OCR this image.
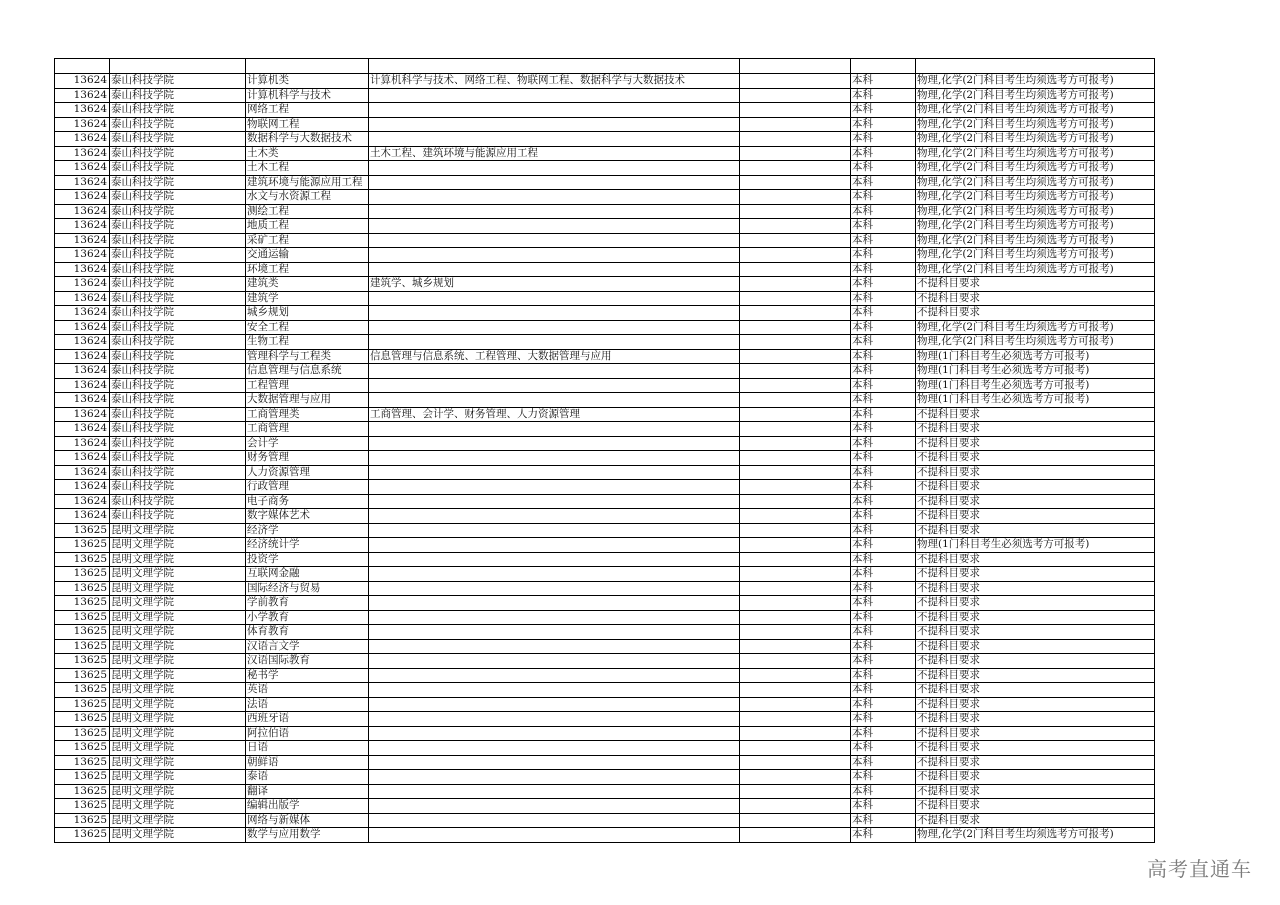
13624	泰山科技学院	计算机类	计算机科学与技术、网络工程、物联网工程、数据科学与大数据技术		本科	物理,化学(2门科目考生均须选考方可报考)
13624	泰山科技学院	计算机科学与技术			本科	物理,化学(2门科目考生均须选考方可报考)
13624	泰山科技学院	网络工程			本科	物理,化学(2门科目考生均须选考方可报考)
13624	泰山科技学院	物联网工程			本科	物理,化学(2门科目考生均须选考方可报考)
13624	泰山科技学院	数据科学与大数据技术			本科	物理,化学(2门科目考生均须选考方可报考)
13624	泰山科技学院	土木类	土木工程、建筑环境与能源应用工程		本科	物理,化学(2门科目考生均须选考方可报考)
13624	泰山科技学院	土木工程			本科	物理,化学(2门科目考生均须选考方可报考)
13624	泰山科技学院	建筑环境与能源应用工程			本科	物理,化学(2门科目考生均须选考方可报考)
13624	泰山科技学院	水文与水资源工程			本科	物理,化学(2门科目考生均须选考方可报考)
13624	泰山科技学院	测绘工程			本科	物理,化学(2门科目考生均须选考方可报考)
13624	泰山科技学院	地质工程			本科	物理,化学(2门科目考生均须选考方可报考)
13624	泰山科技学院	采矿工程			本科	物理,化学(2门科目考生均须选考方可报考)
13624	泰山科技学院	交通运输			本科	物理,化学(2门科目考生均须选考方可报考)
13624	泰山科技学院	环境工程			本科	物理,化学(2门科目考生均须选考方可报考)
13624	泰山科技学院	建筑类	建筑学、城乡规划		本科	不提科目要求
13624	泰山科技学院	建筑学			本科	不提科目要求
13624	泰山科技学院	城乡规划			本科	不提科目要求
13624	泰山科技学院	安全工程			本科	物理,化学(2门科目考生均须选考方可报考)
13624	泰山科技学院	生物工程			本科	物理,化学(2门科目考生均须选考方可报考)
13624	泰山科技学院	管理科学与工程类	信息管理与信息系统、工程管理、大数据管理与应用		本科	物理(1门科目考生必须选考方可报考)
13624	泰山科技学院	信息管理与信息系统			本科	物理(1门科目考生必须选考方可报考)
13624	泰山科技学院	工程管理			本科	物理(1门科目考生必须选考方可报考)
13624	泰山科技学院	大数据管理与应用			本科	物理(1门科目考生必须选考方可报考)
13624	泰山科技学院	工商管理类	工商管理、会计学、财务管理、人力资源管理		本科	不提科目要求
13624	泰山科技学院	工商管理			本科	不提科目要求
13624	泰山科技学院	会计学			本科	不提科目要求
13624	泰山科技学院	财务管理			本科	不提科目要求
13624	泰山科技学院	人力资源管理			本科	不提科目要求
13624	泰山科技学院	行政管理			本科	不提科目要求
13624	泰山科技学院	电子商务			本科	不提科目要求
13624	泰山科技学院	数字媒体艺术			本科	不提科目要求
13625	昆明文理学院	经济学			本科	不提科目要求
13625	昆明文理学院	经济统计学			本科	物理(1门科目考生必须选考方可报考)
13625	昆明文理学院	投资学			本科	不提科目要求
13625	昆明文理学院	互联网金融			本科	不提科目要求
13625	昆明文理学院	国际经济与贸易			本科	不提科目要求
13625	昆明文理学院	学前教育			本科	不提科目要求
13625	昆明文理学院	小学教育			本科	不提科目要求
13625	昆明文理学院	体育教育			本科	不提科目要求
13625	昆明文理学院	汉语言文学			本科	不提科目要求
13625	昆明文理学院	汉语国际教育			本科	不提科目要求
13625	昆明文理学院	秘书学			本科	不提科目要求
13625	昆明文理学院	英语			本科	不提科目要求
13625	昆明文理学院	法语			本科	不提科目要求
13625	昆明文理学院	西班牙语			本科	不提科目要求
13625	昆明文理学院	阿拉伯语			本科	不提科目要求
13625	昆明文理学院	日语			本科	不提科目要求
13625	昆明文理学院	朝鲜语			本科	不提科目要求
13625	昆明文理学院	泰语			本科	不提科目要求
13625	昆明文理学院	翻译			本科	不提科目要求
13625	昆明文理学院	编辑出版学			本科	不提科目要求
13625	昆明文理学院	网络与新媒体			本科	不提科目要求
13625	昆明文理学院	数学与应用数学			本科	物理,化学(2门科目考生均须选考方可报考)
高考直通车
